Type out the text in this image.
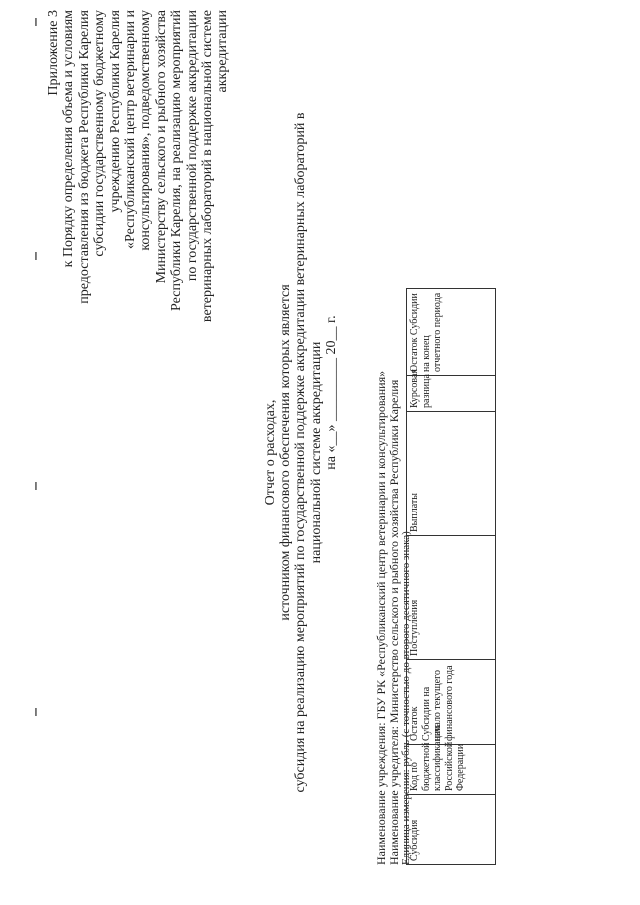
ı
ı
ı
ı
Приложение 3 к Порядку определения объема и условиям предоставления из бюджета Республики Карелия субсидии государственному бюджетному учреждению Республики Карелия «Республиканский центр ветеринарии и консультирования», подведомственному Министерству сельского и рыбного хозяйства Республики Карелия, на реализацию мероприятий по государственной поддержке аккредитации ветеринарных лабораторий в национальной системе аккредитации
Отчет о расходах, источником финансового обеспечения которых является субсидия на реализацию мероприятий по государственной поддержке аккредитации ветеринарных лабораторий в национальной системе аккредитации на «__» _________ 20__ г.	Наименование учреждения: ГБУ РК «Республиканский центр ветеринарии и консультирования»
Наименование учредителя: Министерство сельского и рыбного хозяйства Республики Карелия Единица измерения: рубль (с точностью до второго десятичного знака)
Субсидия	Код по бюджетной классификации Российской Федерации	Остаток Субсидии на начало текущего финансового года	Поступления	Выплаты	Курсовая разница	Остаток Субсидии на конец отчетного периода
